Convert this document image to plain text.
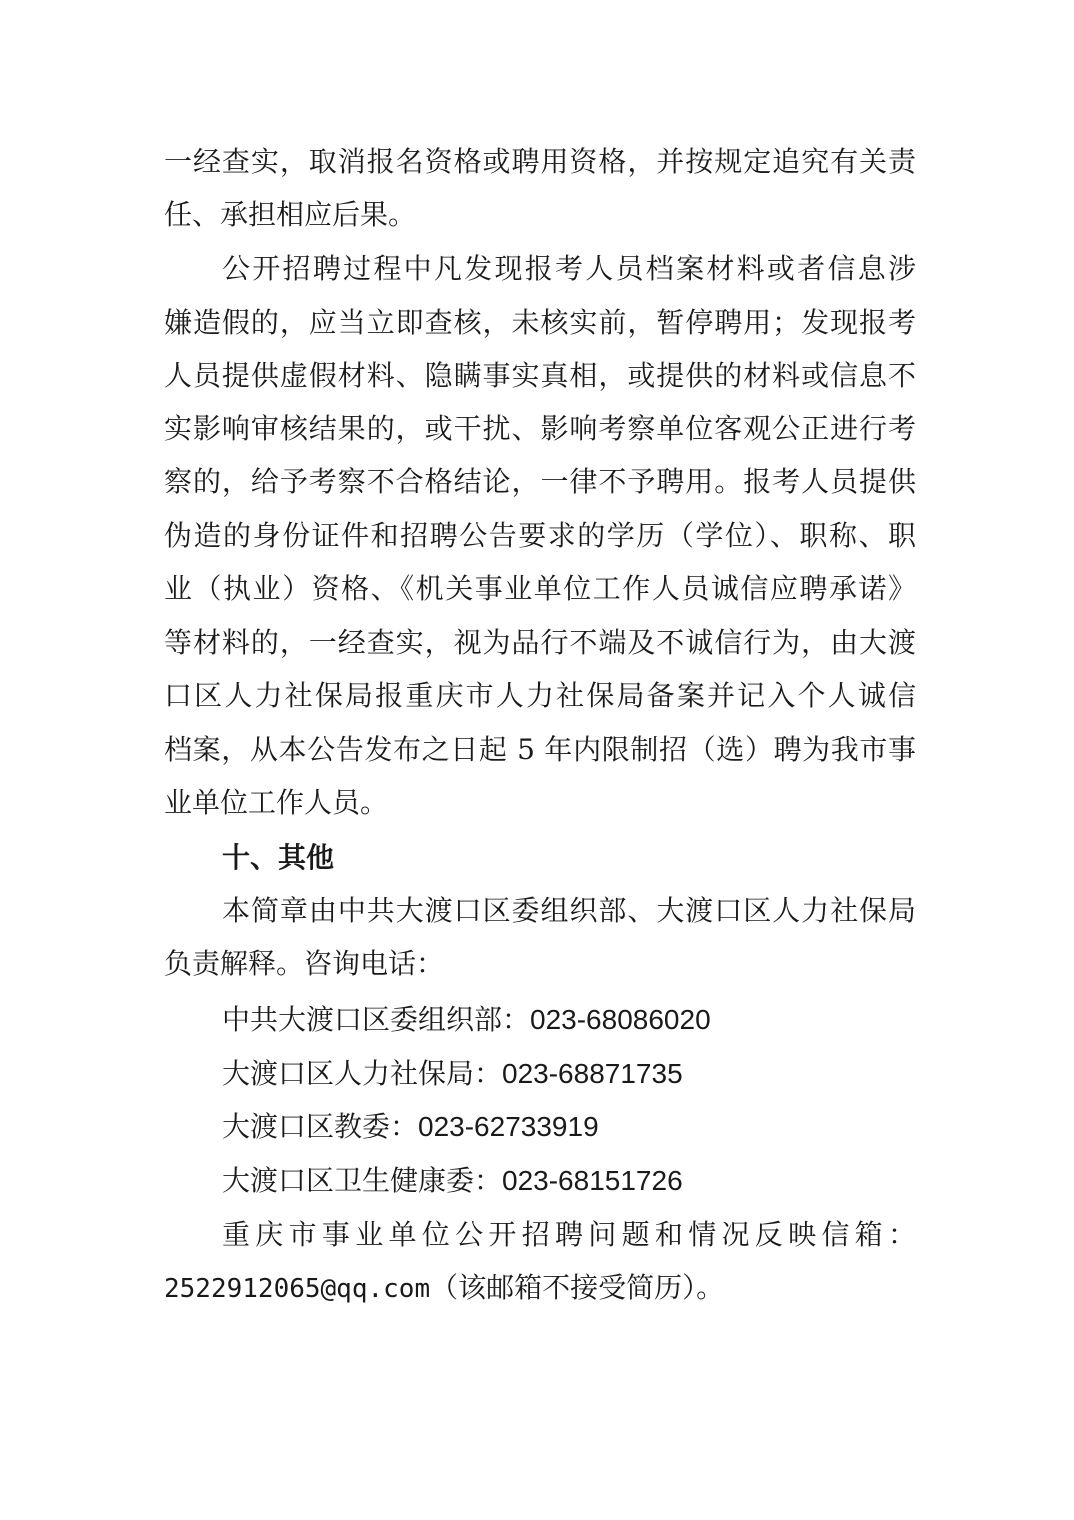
一经查实，取消报名资格或聘用资格，并按规定追究有关责
任、承担相应后果。
公开招聘过程中凡发现报考人员档案材料或者信息涉
嫌造假的，应当立即查核，未核实前，暂停聘用；发现报考
人员提供虚假材料、隐瞒事实真相，或提供的材料或信息不
实影响审核结果的，或干扰、影响考察单位客观公正进行考
察的，给予考察不合格结论，一律不予聘用。报考人员提供
伪造的身份证件和招聘公告要求的学历（学位）、职称、职
业（执业）资格、《机关事业单位工作人员诚信应聘承诺》
等材料的，一经查实，视为品行不端及不诚信行为，由大渡
口区人力社保局报重庆市人力社保局备案并记入个人诚信
档案，从本公告发布之日起 5 年内限制招（选）聘为我市事
业单位工作人员。
十、其他
本简章由中共大渡口区委组织部、大渡口区人力社保局
负责解释。咨询电话：
中共大渡口区委组织部：023-68086020
大渡口区人力社保局：023-68871735
大渡口区教委：023-62733919
大渡口区卫生健康委：023-68151726
重庆市事业单位公开招聘问题和情况反映信箱：
2522912065@qq.com（该邮箱不接受简历）。
